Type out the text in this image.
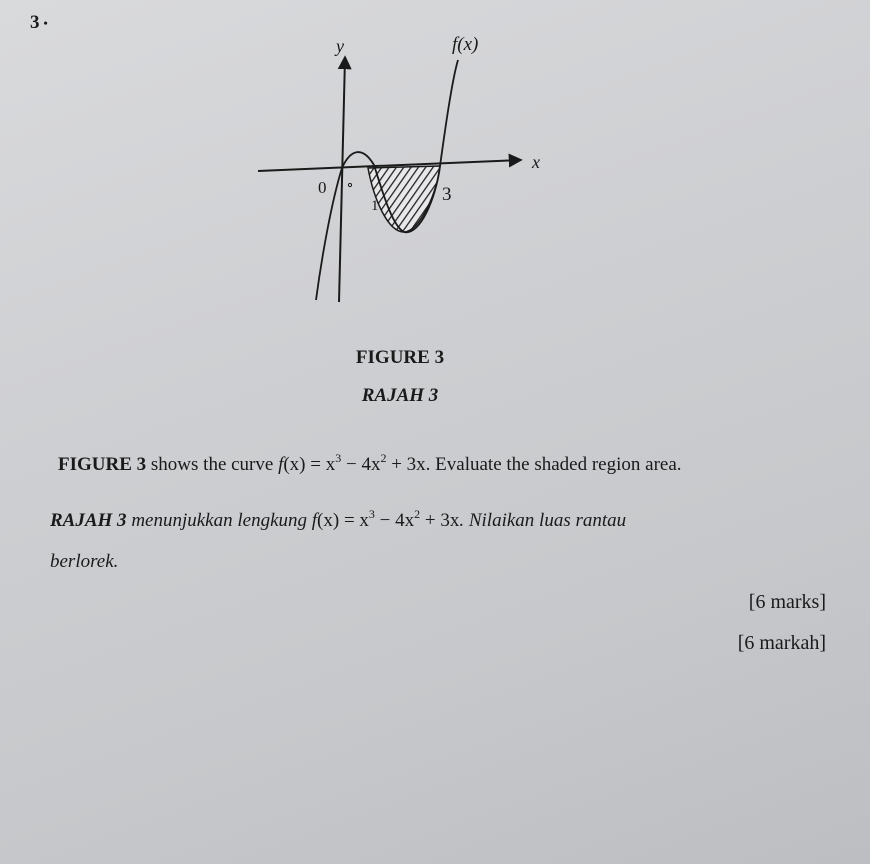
3 •
y
x
f(x)
0
1
3
FIGURE 3
RAJAH 3
FIGURE 3 shows the curve $f(x) = x^3 - 4x^2 + 3x$. Evaluate the shaded region area.
RAJAH 3 menunjukkan lengkung $f(x) = x^3 - 4x^2 + 3x$. Nilaikan luas rantau
berlorek.
[6 marks]
[6 markah]
